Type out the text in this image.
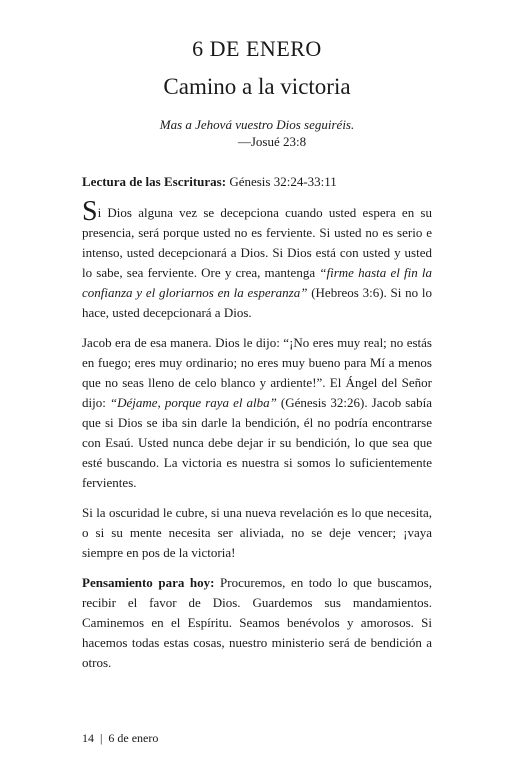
6 DE ENERO
Camino a la victoria
Mas a Jehová vuestro Dios seguiréis.
—Josué 23:8

Lectura de las Escrituras: Génesis 32:24-33:11

Si Dios alguna vez se decepciona cuando usted espera en su presencia, será porque usted no es ferviente. Si usted no es serio e intenso, usted decepcionará a Dios. Si Dios está con usted y usted lo sabe, sea ferviente. Ore y crea, mantenga “firme hasta el fin la confianza y el gloriarnos en la esperanza” (Hebreos 3:6). Si no lo hace, usted decepcionará a Dios.

Jacob era de esa manera. Dios le dijo: “¡No eres muy real; no estás en fuego; eres muy ordinario; no eres muy bueno para Mí a menos que no seas lleno de celo blanco y ardiente!”. El Ángel del Señor dijo: “Déjame, porque raya el alba” (Génesis 32:26). Jacob sabía que si Dios se iba sin darle la bendición, él no podría encontrarse con Esaú. Usted nunca debe dejar ir su bendición, lo que sea que esté buscando. La victoria es nuestra si somos lo suficientemente fervientes.

Si la oscuridad le cubre, si una nueva revelación es lo que necesita, o si su mente necesita ser aliviada, no se deje vencer; ¡vaya siempre en pos de la victoria!

Pensamiento para hoy: Procuremos, en todo lo que buscamos, recibir el favor de Dios. Guardemos sus mandamientos. Caminemos en el Espíritu. Seamos benévolos y amorosos. Si hacemos todas estas cosas, nuestro ministerio será de bendición a otros.

14 | 6 de enero
